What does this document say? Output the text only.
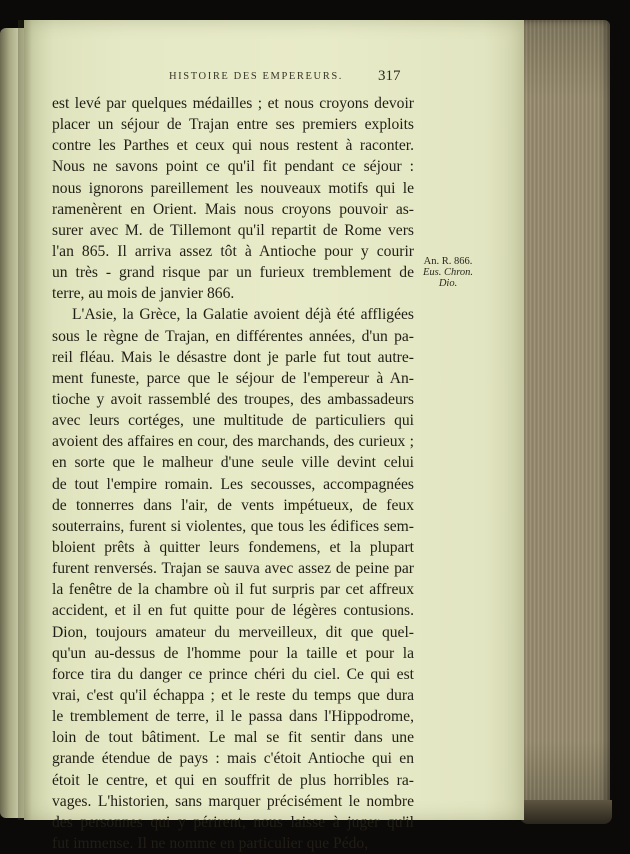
HISTOIRE DES EMPEREURS. 317
est levé par quelques médailles ; et nous croyons devoir
placer un séjour de Trajan entre ses premiers exploits
contre les Parthes et ceux qui nous restent à raconter.
Nous ne savons point ce qu'il fit pendant ce séjour :
nous ignorons pareillement les nouveaux motifs qui le
ramenèrent en Orient. Mais nous croyons pouvoir as-
surer avec M. de Tillemont qu'il repartit de Rome vers
l'an 865. Il arriva assez tôt à Antioche pour y courir
un très - grand risque par un furieux tremblement de
terre, au mois de janvier 866.
L'Asie, la Grèce, la Galatie avoient déjà été affligées
sous le règne de Trajan, en différentes années, d'un pa-
reil fléau. Mais le désastre dont je parle fut tout autre-
ment funeste, parce que le séjour de l'empereur à An-
tioche y avoit rassemblé des troupes, des ambassadeurs
avec leurs cortéges, une multitude de particuliers qui
avoient des affaires en cour, des marchands, des curieux ;
en sorte que le malheur d'une seule ville devint celui
de tout l'empire romain. Les secousses, accompagnées
de tonnerres dans l'air, de vents impétueux, de feux
souterrains, furent si violentes, que tous les édifices sem-
bloient prêts à quitter leurs fondemens, et la plupart
furent renversés. Trajan se sauva avec assez de peine par
la fenêtre de la chambre où il fut surpris par cet affreux
accident, et il en fut quitte pour de légères contusions.
Dion, toujours amateur du merveilleux, dit que quel-
qu'un au-dessus de l'homme pour la taille et pour la
force tira du danger ce prince chéri du ciel. Ce qui est
vrai, c'est qu'il échappa ; et le reste du temps que dura
le tremblement de terre, il le passa dans l'Hippodrome,
loin de tout bâtiment. Le mal se fit sentir dans une
grande étendue de pays : mais c'étoit Antioche qui en
étoit le centre, et qui en souffrit de plus horribles ra-
vages. L'historien, sans marquer précisément le nombre
des personnes qui y périrent, nous laisse à juger qu'il
fut immense. Il ne nomme en particulier que Pédo,
An. R. 866.
Eus. Chron.
Dio.
